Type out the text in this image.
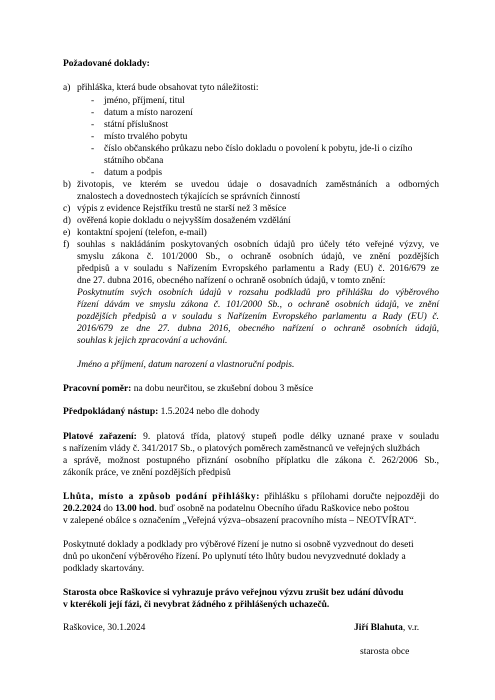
Požadované doklady:
a) přihláška, která bude obsahovat tyto náležitosti:
- jméno, příjmení, titul
- datum a místo narození
- státní příslušnost
- místo trvalého pobytu
- číslo občanského průkazu nebo číslo dokladu o povolení k pobytu, jde-li o cizího
státního občana
- datum a podpis
b) životopis, ve kterém se uvedou údaje o dosavadních zaměstnáních a odborných
znalostech a dovednostech týkajících se správních činností
c) výpis z evidence Rejstříku trestů ne starší než 3 měsíce
d) ověřená kopie dokladu o nejvyšším dosaženém vzdělání
e) kontaktní spojení (telefon, e-mail)
f) souhlas s nakládáním poskytovaných osobních údajů pro účely této veřejné výzvy, ve
smyslu zákona č. 101/2000 Sb., o ochraně osobních údajů, ve znění pozdějších
předpisů a v souladu s Nařízením Evropského parlamentu a Rady (EU) č. 2016/679 ze
dne 27. dubna 2016, obecného nařízení o ochraně osobních údajů, v tomto znění:
Poskytnutím svých osobních údajů v rozsahu podkladů pro přihlášku do výběrového
řízení dávám ve smyslu zákona č. 101/2000 Sb., o ochraně osobních údajů, ve znění
pozdějších předpisů a v souladu s Nařízením Evropského parlamentu a Rady (EU) č.
2016/679 ze dne 27. dubna 2016, obecného nařízení o ochraně osobních údajů,
souhlas k jejich zpracování a uchování.
Jméno a příjmení, datum narození a vlastnoruční podpis.
Pracovní poměr: na dobu neurčitou, se zkušební dobou 3 měsíce
Předpokládaný nástup: 1.5.2024 nebo dle dohody
Platové zařazení: 9. platová třída, platový stupeň podle délky uznané praxe v souladu
s nařízením vlády č. 341/2017 Sb., o platových poměrech zaměstnanců ve veřejných službách
a správě, možnost postupného přiznání osobního příplatku dle zákona č. 262/2006 Sb.,
zákoník práce, ve znění pozdějších předpisů
Lhůta, místo a způsob podání přihlášky: přihlášku s přílohami doručte nejpozději do
20.2.2024 do 13.00 hod. buď osobně na podatelnu Obecního úřadu Raškovice nebo poštou
v zalepené obálce s označením „Veřejná výzva–obsazení pracovního místa – NEOTVÍRAT“.
Poskytnuté doklady a podklady pro výběrové řízení je nutno si osobně vyzvednout do deseti
dnů po ukončení výběrového řízení. Po uplynutí této lhůty budou nevyzvednuté doklady a
podklady skartovány.
Starosta obce Raškovice si vyhrazuje právo veřejnou výzvu zrušit bez udání důvodu
v kterékoli její fázi, či nevybrat žádného z přihlášených uchazečů.
Raškovice, 30.1.2024	Jiří Blahuta, v.r.
starosta obce
